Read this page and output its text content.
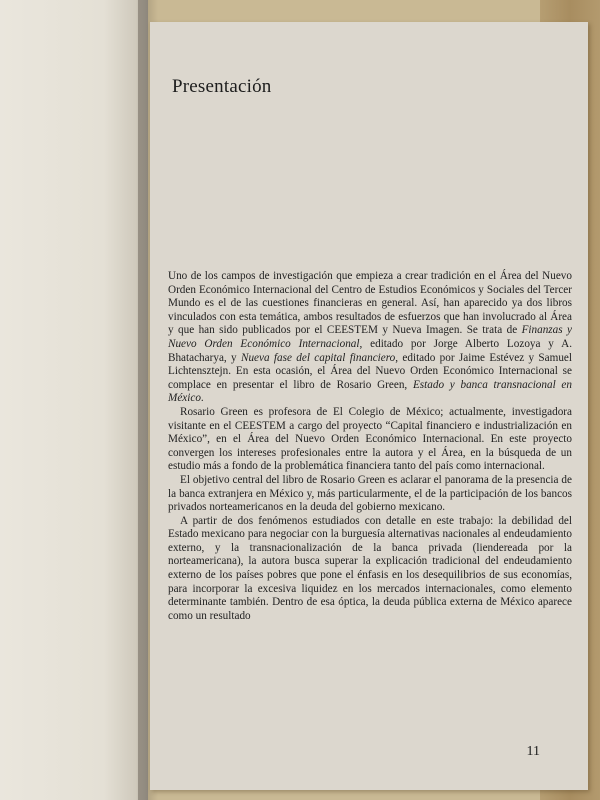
Presentación

Uno de los campos de investigación que empieza a crear tradición en el Área del Nuevo Orden Económico Internacional del Centro de Estudios Económicos y Sociales del Tercer Mundo es el de las cuestiones financieras en general. Así, han aparecido ya dos libros vinculados con esta temática, ambos resultados de esfuerzos que han involucrado al Área y que han sido publicados por el CEESTEM y Nueva Imagen. Se trata de Finanzas y Nuevo Orden Económico Internacional, editado por Jorge Alberto Lozoya y A. Bhatacharya, y Nueva fase del capital financiero, editado por Jaime Estévez y Samuel Lichtensztejn. En esta ocasión, el Área del Nuevo Orden Económico Internacional se complace en presentar el libro de Rosario Green, Estado y banca transnacional en México.

Rosario Green es profesora de El Colegio de México; actualmente, investigadora visitante en el CEESTEM a cargo del proyecto “Capital financiero e industrialización en México”, en el Área del Nuevo Orden Económico Internacional. En este proyecto convergen los intereses profesionales entre la autora y el Área, en la búsqueda de un estudio más a fondo de la problemática financiera tanto del país como internacional.

El objetivo central del libro de Rosario Green es aclarar el panorama de la presencia de la banca extranjera en México y, más particularmente, el de la participación de los bancos privados norteamericanos en la deuda del gobierno mexicano.

A partir de dos fenómenos estudiados con detalle en este trabajo: la debilidad del Estado mexicano para negociar con la burguesía alternativas nacionales al endeudamiento externo, y la transnacionalización de la banca privada (liendereada por la norteamericana), la autora busca superar la explicación tradicional del endeudamiento externo de los países pobres que pone el énfasis en los desequilibrios de sus economías, para incorporar la excesiva liquidez en los mercados internacionales, como elemento determinante también. Dentro de esa óptica, la deuda pública externa de México aparece como un resultado

11
